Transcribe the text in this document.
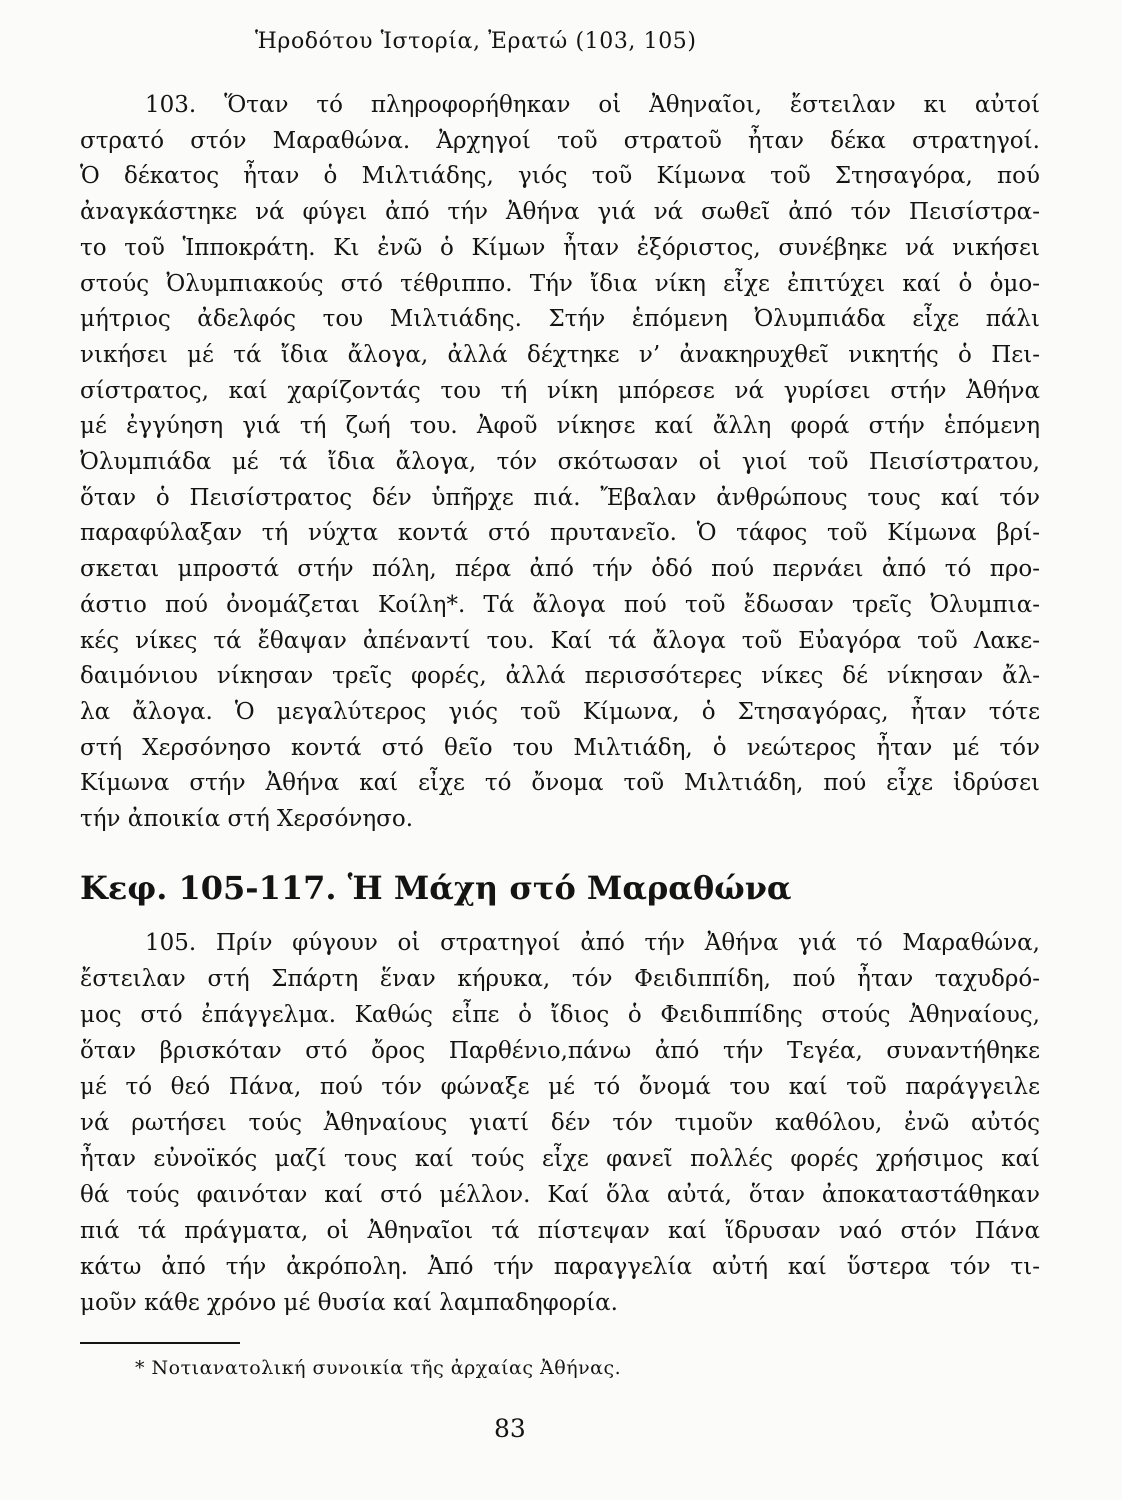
Ἡροδότου Ἱστορία, Ἐρατώ (103, 105)
103. Ὅταν τό πληροφορήθηκαν οἱ Ἀθηναῖοι, ἔστειλαν κι αὐτοί
στρατό στόν Μαραθώνα. Ἀρχηγοί τοῦ στρατοῦ ἦταν δέκα στρατηγοί.
Ὁ δέκατος ἦταν ὁ Μιλτιάδης, γιός τοῦ Κίμωνα τοῦ Στησαγόρα, πού
ἀναγκάστηκε νά φύγει ἀπό τήν Ἀθήνα γιά νά σωθεῖ ἀπό τόν Πεισίστρα-
το τοῦ Ἱπποκράτη. Κι ἐνῶ ὁ Κίμων ἦταν ἐξόριστος, συνέβηκε νά νικήσει
στούς Ὀλυμπιακούς στό τέθριππο. Τήν ἴδια νίκη εἶχε ἐπιτύχει καί ὁ ὁμο-
μήτριος ἀδελφός του Μιλτιάδης. Στήν ἑπόμενη Ὀλυμπιάδα εἶχε πάλι
νικήσει μέ τά ἴδια ἄλογα, ἀλλά δέχτηκε ν’ ἀνακηρυχθεῖ νικητής ὁ Πει-
σίστρατος, καί χαρίζοντάς του τή νίκη μπόρεσε νά γυρίσει στήν Ἀθήνα
μέ ἐγγύηση γιά τή ζωή του. Ἀφοῦ νίκησε καί ἄλλη φορά στήν ἑπόμενη
Ὀλυμπιάδα μέ τά ἴδια ἄλογα, τόν σκότωσαν οἱ γιοί τοῦ Πεισίστρατου,
ὅταν ὁ Πεισίστρατος δέν ὑπῆρχε πιά. Ἔβαλαν ἀνθρώπους τους καί τόν
παραφύλαξαν τή νύχτα κοντά στό πρυτανεῖο. Ὁ τάφος τοῦ Κίμωνα βρί-
σκεται μπροστά στήν πόλη, πέρα ἀπό τήν ὁδό πού περνάει ἀπό τό προ-
άστιο πού ὀνομάζεται Κοίλη*. Τά ἄλογα πού τοῦ ἔδωσαν τρεῖς Ὀλυμπια-
κές νίκες τά ἔθαψαν ἀπέναντί του. Καί τά ἄλογα τοῦ Εὐαγόρα τοῦ Λακε-
δαιμόνιου νίκησαν τρεῖς φορές, ἀλλά περισσότερες νίκες δέ νίκησαν ἄλ-
λα ἄλογα. Ὁ μεγαλύτερος γιός τοῦ Κίμωνα, ὁ Στησαγόρας, ἦταν τότε
στή Χερσόνησο κοντά στό θεῖο του Μιλτιάδη, ὁ νεώτερος ἦταν μέ τόν
Κίμωνα στήν Ἀθήνα καί εἶχε τό ὄνομα τοῦ Μιλτιάδη, πού εἶχε ἱδρύσει
τήν ἀποικία στή Χερσόνησο.
Κεφ. 105-117. Ἡ Μάχη στό Μαραθώνα
105. Πρίν φύγουν οἱ στρατηγοί ἀπό τήν Ἀθήνα γιά τό Μαραθώνα,
ἔστειλαν στή Σπάρτη ἕναν κήρυκα, τόν Φειδιππίδη, πού ἦταν ταχυδρό-
μος στό ἐπάγγελμα. Καθώς εἶπε ὁ ἴδιος ὁ Φειδιππίδης στούς Ἀθηναίους,
ὅταν βρισκόταν στό ὄρος Παρθένιο,πάνω ἀπό τήν Τεγέα, συναντήθηκε
μέ τό θεό Πάνα, πού τόν φώναξε μέ τό ὄνομά του καί τοῦ παράγγειλε
νά ρωτήσει τούς Ἀθηναίους γιατί δέν τόν τιμοῦν καθόλου, ἐνῶ αὐτός
ἦταν εὐνοϊκός μαζί τους καί τούς εἶχε φανεῖ πολλές φορές χρήσιμος καί
θά τούς φαινόταν καί στό μέλλον. Καί ὅλα αὐτά, ὅταν ἀποκαταστάθηκαν
πιά τά πράγματα, οἱ Ἀθηναῖοι τά πίστεψαν καί ἵδρυσαν ναό στόν Πάνα
κάτω ἀπό τήν ἀκρόπολη. Ἀπό τήν παραγγελία αὐτή καί ὕστερα τόν τι-
μοῦν κάθε χρόνο μέ θυσία καί λαμπαδηφορία.
* Νοτιανατολική συνοικία τῆς ἀρχαίας Ἀθήνας.
83
